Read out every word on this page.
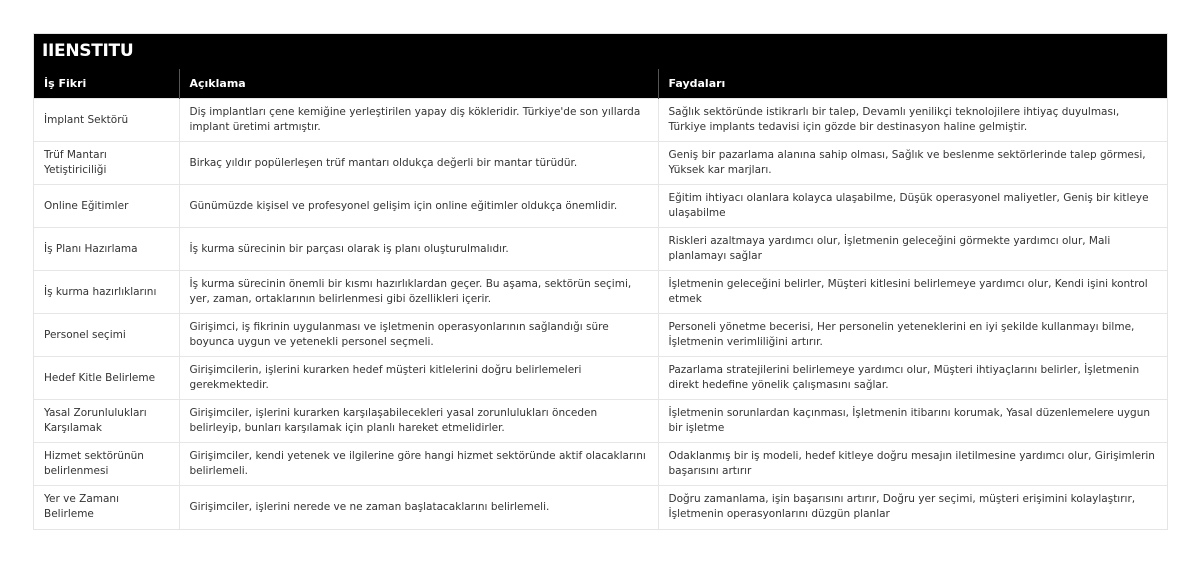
IIENSTITU
İş Fikri	Açıklama	Faydaları
İmplant Sektörü	Diş implantları çene kemiğine yerleştirilen yapay diş kökleridir. Türkiye'de son yıllarda implant üretimi artmıştır.	Sağlık sektöründe istikrarlı bir talep, Devamlı yenilikçi teknolojilere ihtiyaç duyulması, Türkiye implants tedavisi için gözde bir destinasyon haline gelmiştir.
Trüf Mantarı Yetiştiriciliği	Birkaç yıldır popülerleşen trüf mantarı oldukça değerli bir mantar türüdür.	Geniş bir pazarlama alanına sahip olması, Sağlık ve beslenme sektörlerinde talep görmesi, Yüksek kar marjları.
Online Eğitimler	Günümüzde kişisel ve profesyonel gelişim için online eğitimler oldukça önemlidir.	Eğitim ihtiyacı olanlara kolayca ulaşabilme, Düşük operasyonel maliyetler, Geniş bir kitleye ulaşabilme
İş Planı Hazırlama	İş kurma sürecinin bir parçası olarak iş planı oluşturulmalıdır.	Riskleri azaltmaya yardımcı olur, İşletmenin geleceğini görmekte yardımcı olur, Mali planlamayı sağlar
İş kurma hazırlıklarını	İş kurma sürecinin önemli bir kısmı hazırlıklardan geçer. Bu aşama, sektörün seçimi, yer, zaman, ortaklarının belirlenmesi gibi özellikleri içerir.	İşletmenin geleceğini belirler, Müşteri kitlesini belirlemeye yardımcı olur, Kendi işini kontrol etmek
Personel seçimi	Girişimci, iş fikrinin uygulanması ve işletmenin operasyonlarının sağlandığı süre boyunca uygun ve yetenekli personel seçmeli.	Personeli yönetme becerisi, Her personelin yeteneklerini en iyi şekilde kullanmayı bilme, İşletmenin verimliliğini artırır.
Hedef Kitle Belirleme	Girişimcilerin, işlerini kurarken hedef müşteri kitlelerini doğru belirlemeleri gerekmektedir.	Pazarlama stratejilerini belirlemeye yardımcı olur, Müşteri ihtiyaçlarını belirler, İşletmenin direkt hedefine yönelik çalışmasını sağlar.
Yasal Zorunlulukları Karşılamak	Girişimciler, işlerini kurarken karşılaşabilecekleri yasal zorunlulukları önceden belirleyip, bunları karşılamak için planlı hareket etmelidirler.	İşletmenin sorunlardan kaçınması, İşletmenin itibarını korumak, Yasal düzenlemelere uygun bir işletme
Hizmet sektörünün belirlenmesi	Girişimciler, kendi yetenek ve ilgilerine göre hangi hizmet sektöründe aktif olacaklarını belirlemeli.	Odaklanmış bir iş modeli, hedef kitleye doğru mesajın iletilmesine yardımcı olur, Girişimlerin başarısını artırır
Yer ve Zamanı Belirleme	Girişimciler, işlerini nerede ve ne zaman başlatacaklarını belirlemeli.	Doğru zamanlama, işin başarısını artırır, Doğru yer seçimi, müşteri erişimini kolaylaştırır, İşletmenin operasyonlarını düzgün planlar
